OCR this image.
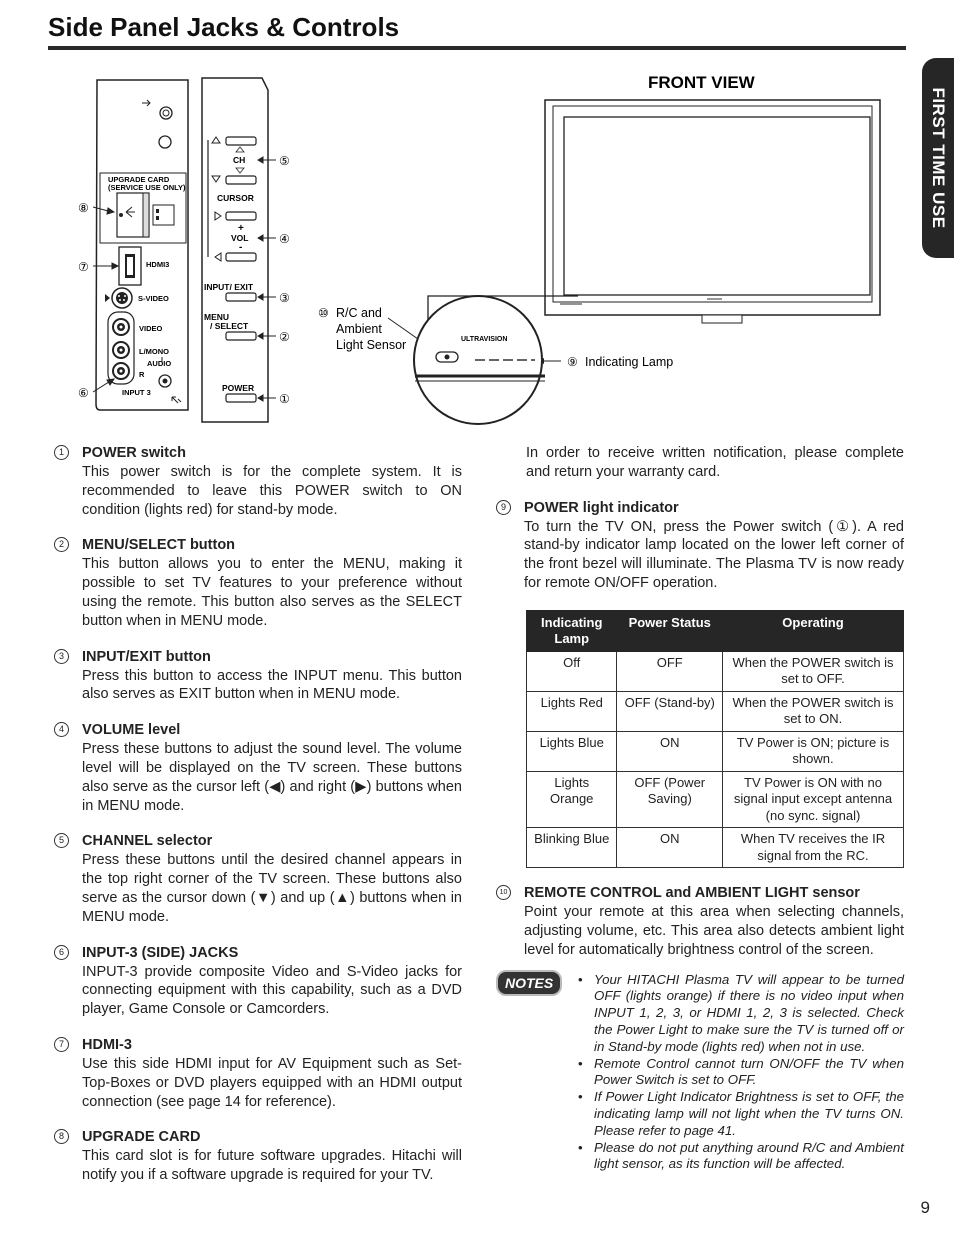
Side Panel Jacks & Controls
FIRST TIME USE
UPGRADE CARD
(SERVICE USE ONLY)
HDMI3
S-VIDEO
VIDEO
L/MONO
AUDIO
R
INPUT 3
CH
CURSOR
+
VOL
-
INPUT/ EXIT
MENU
/ SELECT
POWER
⑤
④
③
②
①
⑧
⑦
⑥
⑩
⑨
FRONT VIEW
ULTRAVISION
R/C and
Ambient
Light Sensor
Indicating Lamp
1	POWER switch

This power switch is for the complete system. It is recommended to leave this POWER switch to ON condition (lights red) for stand-by mode.

2	MENU/SELECT button

This button allows you to enter the MENU, making it possible to set TV features to your preference without using the remote. This button also serves as the SELECT button when in MENU mode.

3	INPUT/EXIT button

Press this button to access the INPUT menu. This button also serves as EXIT button when in MENU mode.

4	VOLUME level

Press these buttons to adjust the sound level. The volume level will be displayed on the TV screen. These buttons also serve as the cursor left (◀) and right (▶) buttons when in MENU mode.

5	CHANNEL selector

Press these buttons until the desired channel appears in the top right corner of the TV screen. These buttons also serve as the cursor down (▼) and up (▲) buttons when in MENU mode.

6	INPUT-3 (SIDE) JACKS

INPUT-3 provide composite Video and S-Video jacks for connecting equipment with this capability, such as a DVD player, Game Console or Camcorders.

7	HDMI-3

Use this side HDMI input for AV Equipment such as Set-Top-Boxes or DVD players equipped with an HDMI output connection (see page 14 for reference).

8	UPGRADE CARD

This card slot is for future software upgrades. Hitachi will notify you if a software upgrade is required for your TV.

In order to receive written notification, please complete and return your warranty card.

9	POWER light indicator

To turn the TV ON, press the Power switch (①). A red stand-by indicator lamp located on the lower left corner of the front bezel will illuminate. The Plasma TV is now ready for remote ON/OFF operation.

Indicating Lamp	Power Status	Operating
Off	OFF	When the POWER switch is set to OFF.
Lights Red	OFF (Stand-by)	When the POWER switch is set to ON.
Lights Blue	ON	TV Power is ON; picture is shown.
Lights Orange	OFF (Power Saving)	TV Power is ON with no signal input except antenna (no sync. signal)
Blinking Blue	ON	When TV receives the IR signal from the RC.
10 REMOTE CONTROL and AMBIENT LIGHT sensor

Point your remote at this area when selecting channels, adjusting volume, etc. This area also detects ambient light level for automatically brightness control of the screen.

NOTES	• Your HITACHI Plasma TV will appear to be turned OFF (lights orange) if there is no video input when INPUT 1, 2, 3, or HDMI 1, 2, 3 is selected. Check the Power Light to make sure the TV is turned off or in Stand-by mode (lights red) when not in use.
• Remote Control cannot turn ON/OFF the TV when Power Switch is set to OFF.
• If Power Light Indicator Brightness is set to OFF, the indicating lamp will not light when the TV turns ON. Please refer to page 41.
• Please do not put anything around R/C and Ambient light sensor, as its function will be affected.
9
